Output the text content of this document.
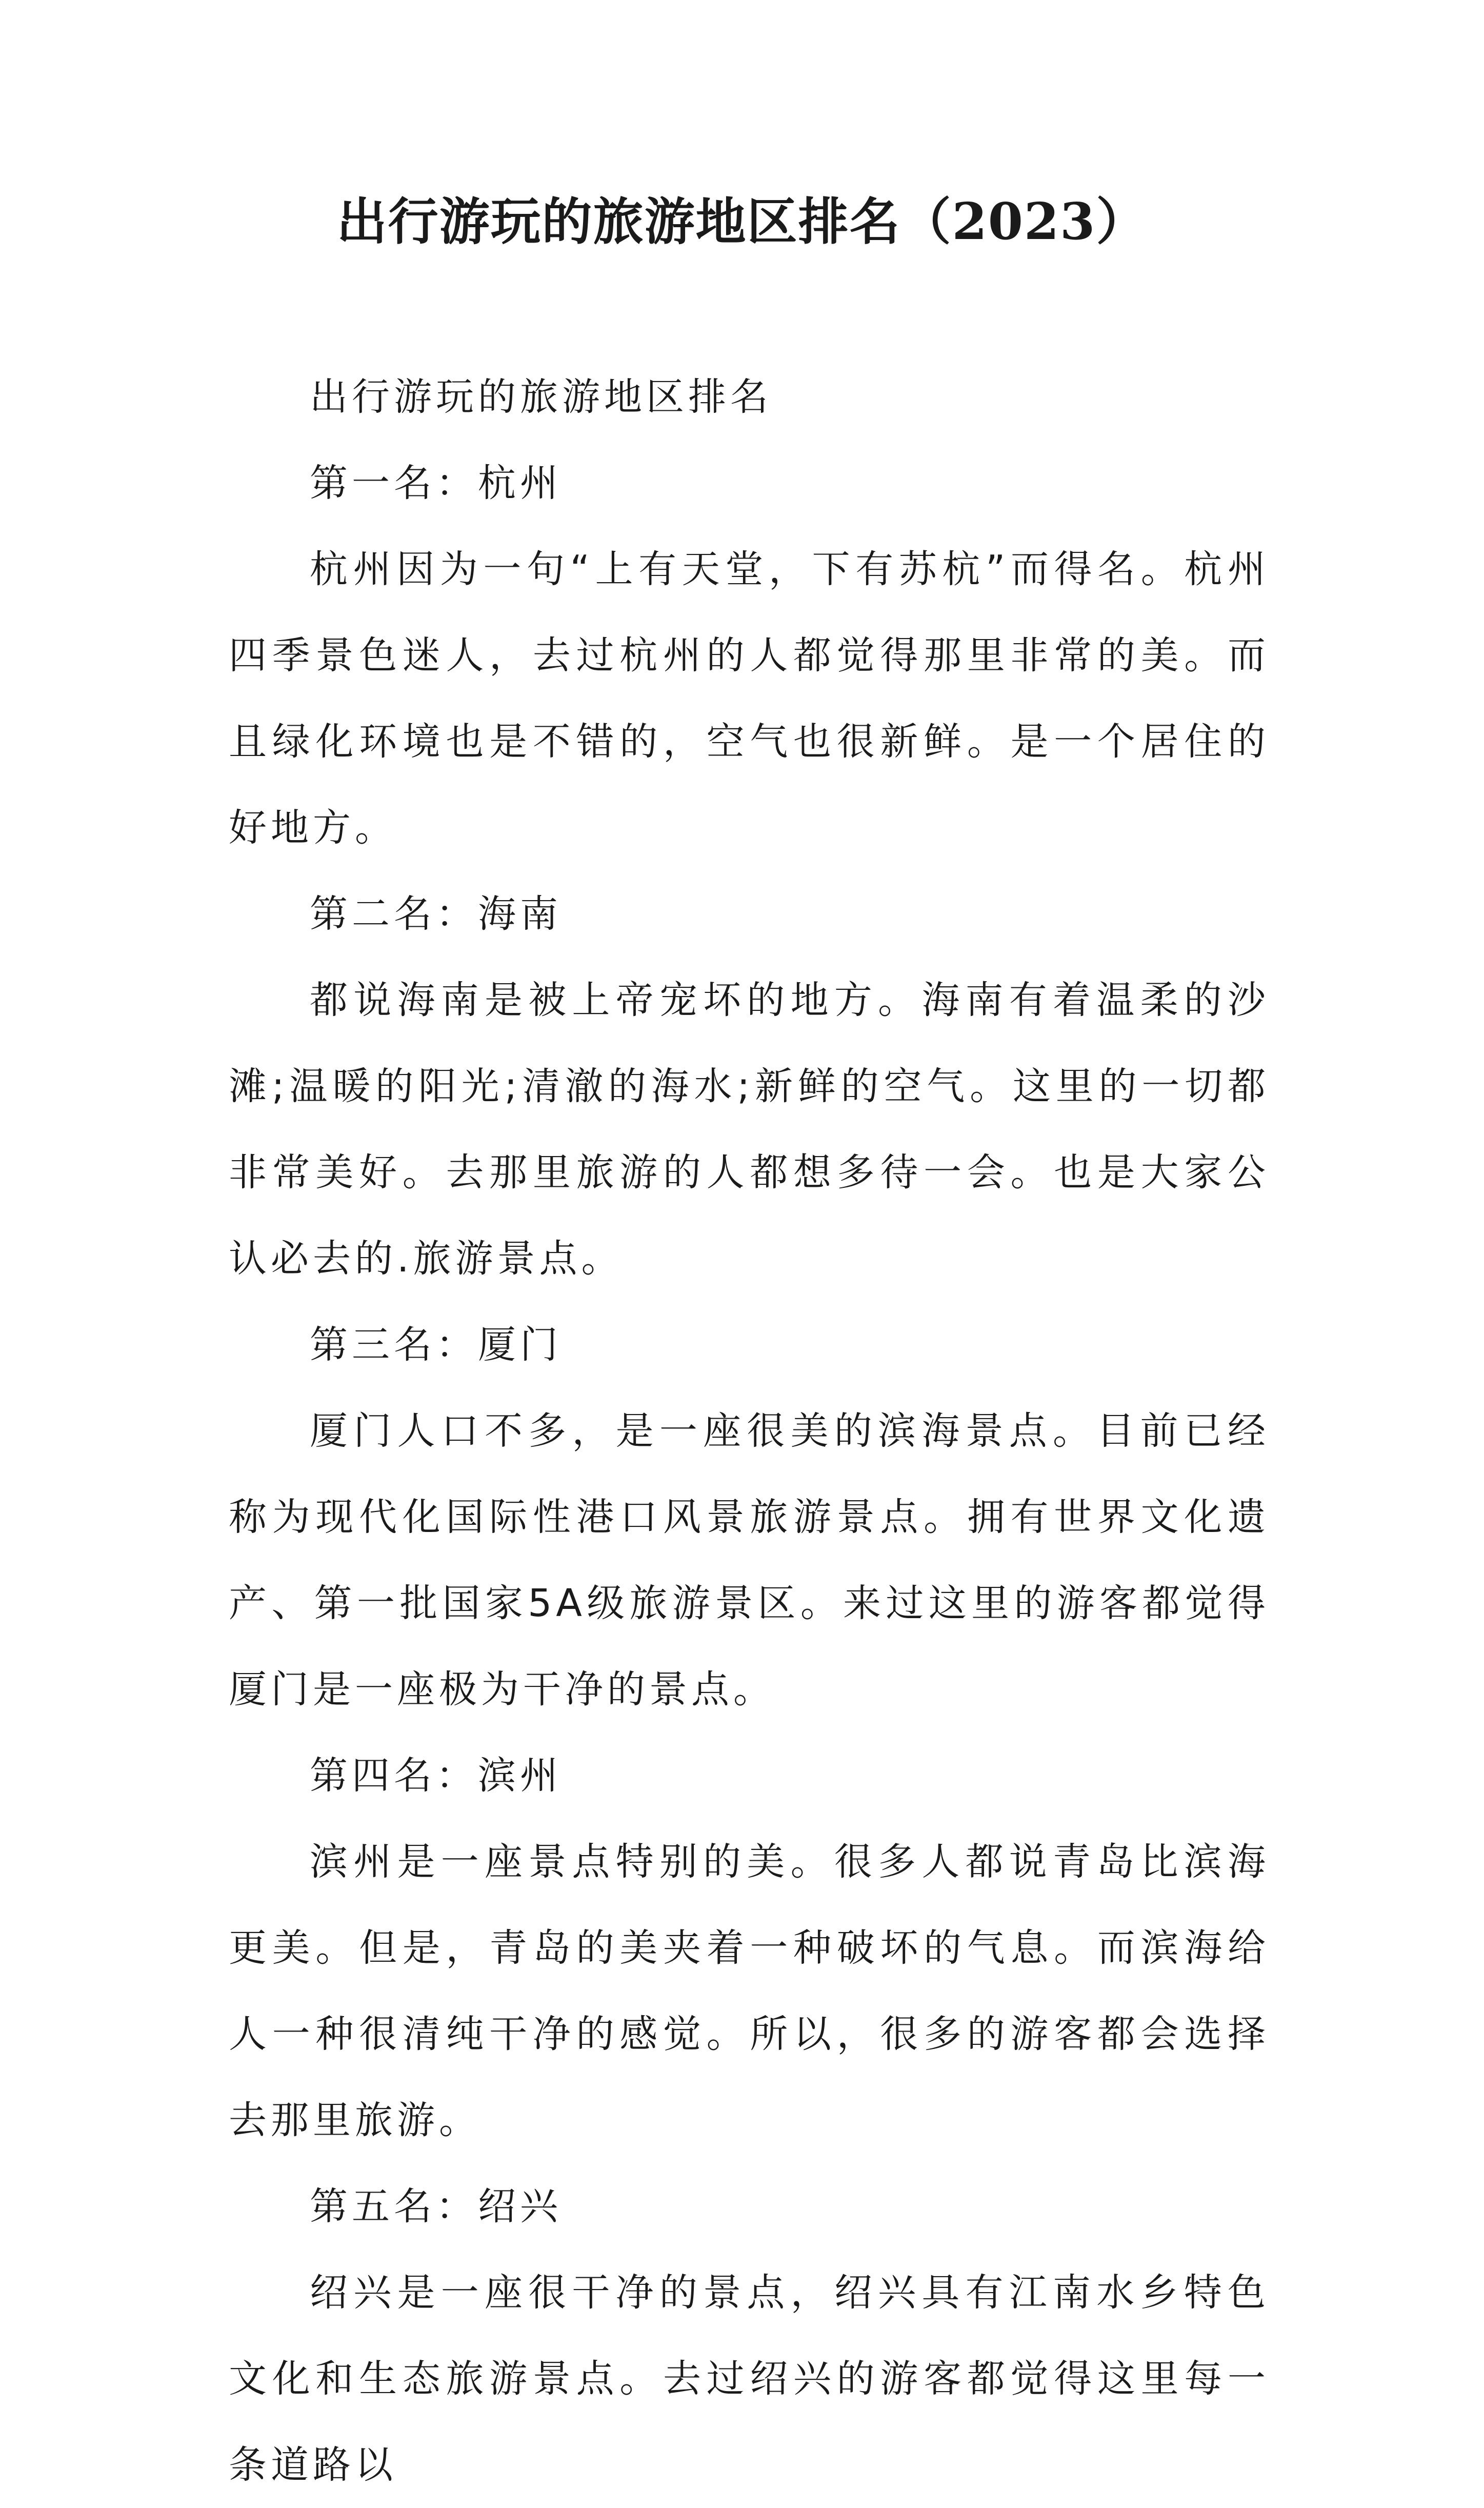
出行游玩的旅游地区排名（2023）

出行游玩的旅游地区排名

第一名：杭州

杭州因为一句“上有天堂，下有苏杭”而得名。杭州四季景色迷人，去过杭州的人都觉得那里非常的美。而且绿化环境也是不错的，空气也很新鲜。是一个居住的好地方。

第二名：海南

都说海南是被上帝宠坏的地方。海南有着温柔的沙滩;温暖的阳光;清澈的海水;新鲜的空气。这里的一切都非常美好。去那里旅游的人都想多待一会。也是大家公认必去的.旅游景点。

第三名：厦门

厦门人口不多，是一座很美的滨海景点。目前已经称为现代化国际性港口风景旅游景点。拥有世界文化遗产、第一批国家5A级旅游景区。来过这里的游客都觉得厦门是一座极为干净的景点。

第四名：滨州

滨州是一座景点特别的美。很多人都说青岛比滨海更美。但是，青岛的美夹着一种破坏的气息。而滨海给人一种很清纯干净的感觉。所以，很多的游客都会选择去那里旅游。

第五名：绍兴

绍兴是一座很干净的景点，绍兴具有江南水乡特色文化和生态旅游景点。去过绍兴的游客都觉得这里每一条道路以
